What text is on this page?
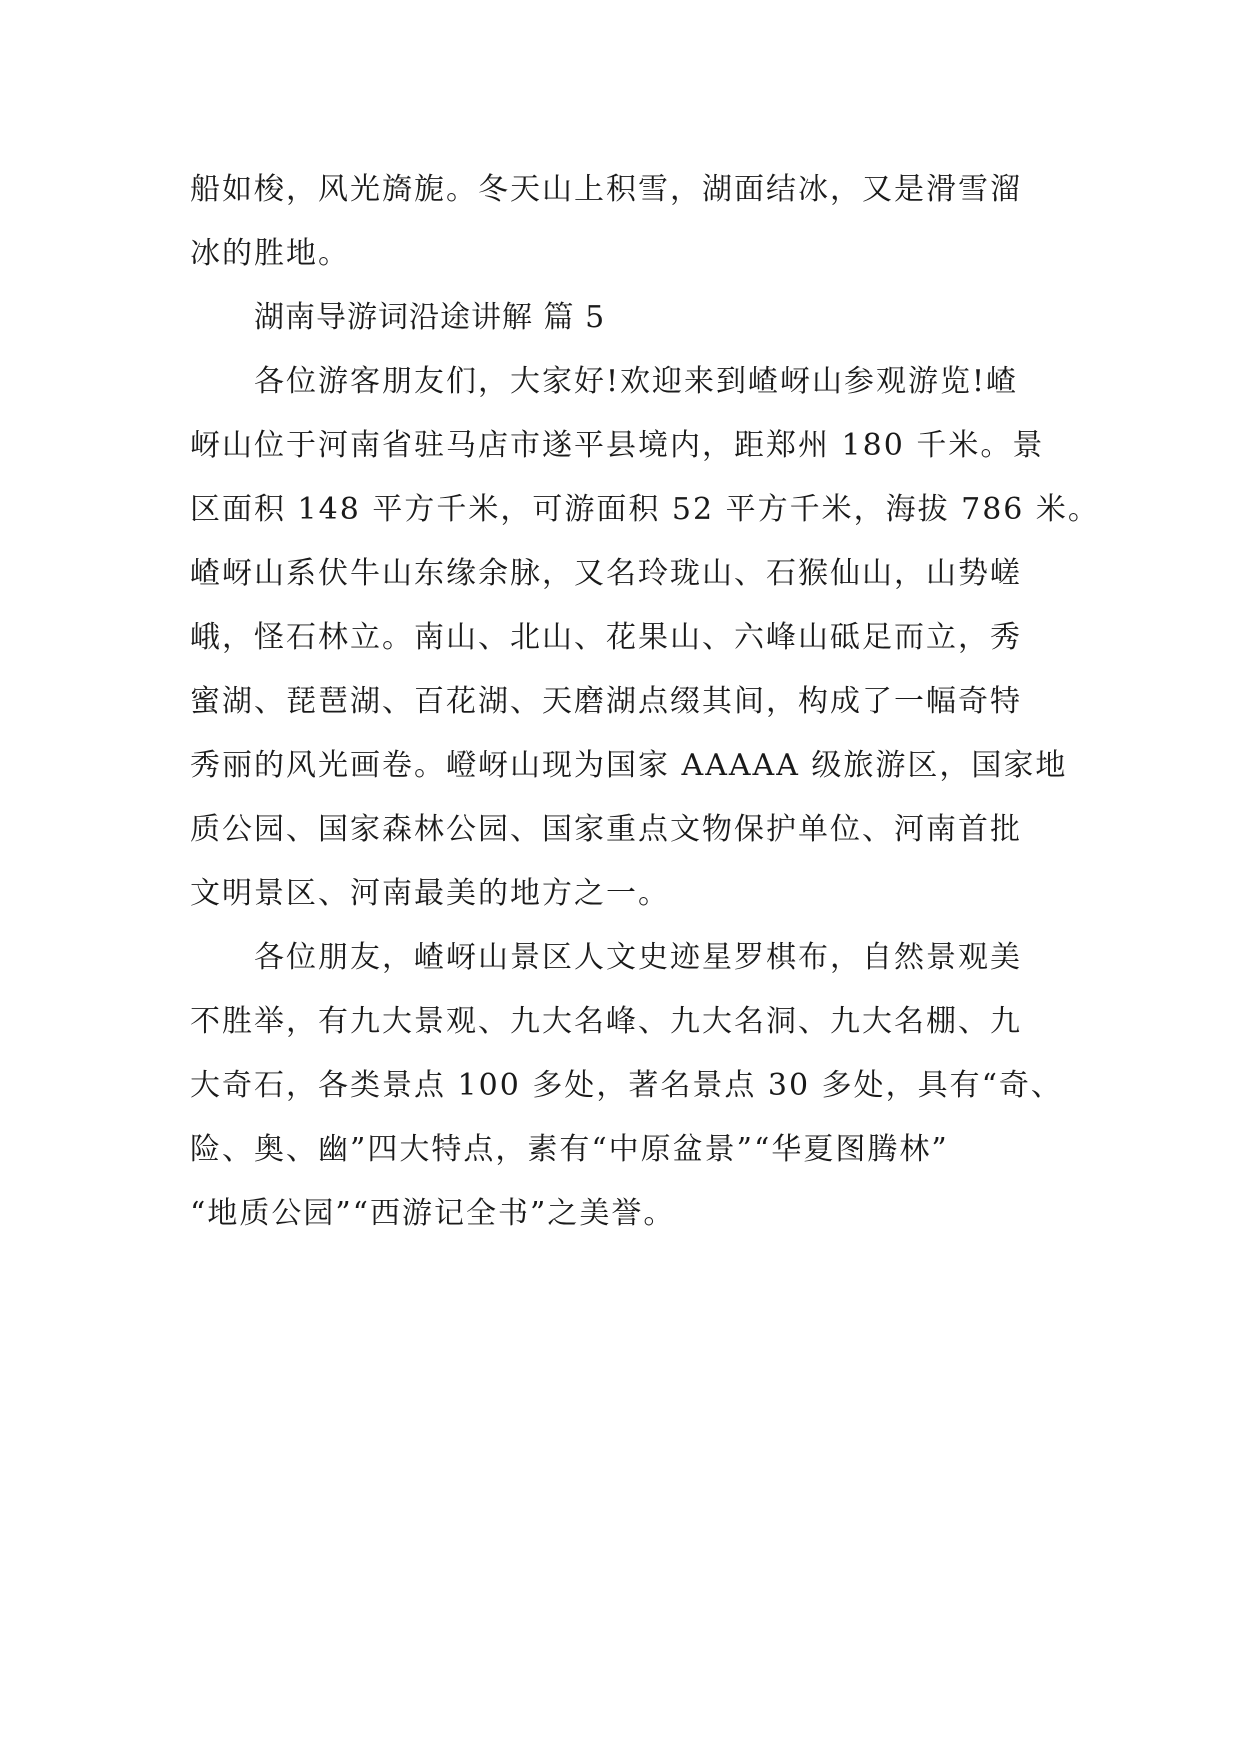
船如梭，风光旖旎。冬天山上积雪，湖面结冰，又是滑雪溜
冰的胜地。
湖南导游词沿途讲解 篇 5
各位游客朋友们，大家好!欢迎来到嵖岈山参观游览!嵖
岈山位于河南省驻马店市遂平县境内，距郑州 180 千米。景
区面积 148 平方千米，可游面积 52 平方千米，海拔 786 米。
嵖岈山系伏牛山东缘余脉，又名玲珑山、石猴仙山，山势嵯
峨，怪石林立。南山、北山、花果山、六峰山砥足而立，秀
蜜湖、琵琶湖、百花湖、天磨湖点缀其间，构成了一幅奇特
秀丽的风光画卷。嶝岈山现为国家 AAAAA 级旅游区，国家地
质公园、国家森林公园、国家重点文物保护单位、河南首批
文明景区、河南最美的地方之一。
各位朋友，嵖岈山景区人文史迹星罗棋布，自然景观美
不胜举，有九大景观、九大名峰、九大名洞、九大名棚、九
大奇石，各类景点 100 多处，著名景点 30 多处，具有“奇、
险、奥、幽”四大特点，素有“中原盆景”“华夏图腾林”
“地质公园”“西游记全书”之美誉。
